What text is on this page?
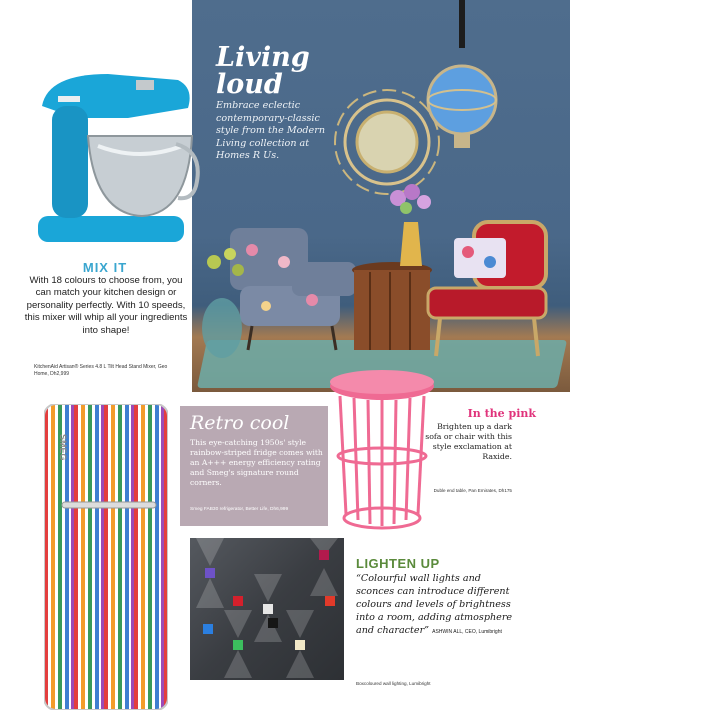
Living loud
Embrace eclectic contemporary-classic style from the Modern Living collection at Homes R Us.
MIX IT
With 18 colours to choose from, you can match your kitchen design or personality perfectly. With 10 speeds, this mixer will whip all your ingredients into shape!
KitchenAid Artisan® Series 4.8 L Tilt Head Stand Mixer, Geo Home, Dh2,999
SMEG
Retro cool
This eye-catching 1950s' style rainbow-striped fridge comes with an A+++ energy efficiency rating and Smeg's signature round corners.
Smeg FAB30 refrigerator, Better Life, Dh6,999
In the pink
Brighten up a dark sofa or chair with this style exclamation at Raxide.
Duble end table, Pan Emirates, Dh175
LIGHTEN UP
“Colourful wall lights and sconces can introduce different colours and levels of brightness into a room, adding atmosphere and character” ASHWIN ALL, CEO, Lumibright
Boxcoloured wall lighting, Lumibright
